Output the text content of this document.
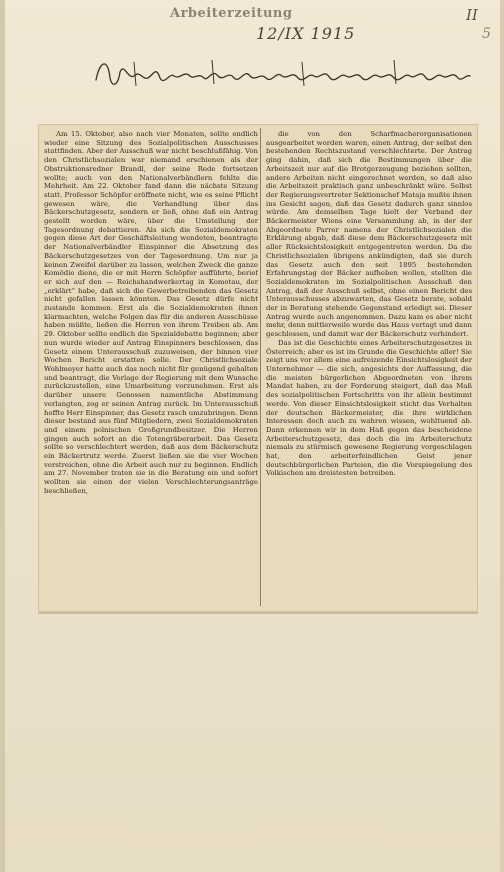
Arbeiterzeitung
12/IX 1915
II
5

Am 15. Oktober, also nach vier Monaten, sollte endlich wieder eine Sitzung des Sozialpolitischen Ausschusses stattfinden. Aber der Ausschuß war nicht beschlußfähig. Von den Christlichsozialen war niemand erschienen als der Obstruktionsredner Brandl, der seine Rede fortsetzen wollte; auch von den Nationalverbändlern fehlte die Mehrheit. Am 22. Oktober fand dann die nächste Sitzung statt. Professor Schöpfer eröffnete nicht, wie es seine Pflicht gewesen wäre, die Verhandlung über das Bäckerschutzgesetz, sondern er ließ, ohne daß ein Antrag gestellt worden wäre, über die Umstellung der Tagesordnung debattieren. Als sich die Sozialdemokraten gegen diese Art der Geschäftsleitung wendeten, beantragte der Nationalverbändler Einspinner die Absetzung des Bäckerschutzgesetzes von der Tagesordnung. Um nur ja keinen Zweifel darüber zu lassen, welchen Zweck die ganze Komödie diene, die er mit Herrn Schöpfer aufführte, berief er sich auf den — Reichshandwerkertag in Komotau, der „erklärt“ habe, daß sich die Gewerbetreibenden das Gesetz nicht gefallen lassen könnten. Das Gesetz dürfe nicht zustande kommen. Erst als die Sozialdemokraten ihnen klarmachten, welche Folgen das für die anderen Ausschüsse haben müßte, ließen die Herren von ihrem Treiben ab. Am 29. Oktober sollte endlich die Spezialdebatte beginnen; aber nun wurde wieder auf Antrag Einspinners beschlossen, das Gesetz einem Unterausschuß zuzuweisen, der binnen vier Wochen Bericht erstatten solle. Der Christlichsoziale Wohlmeyer hatte auch das noch nicht für genügend gehalten und beantragt, die Vorlage der Regierung mit dem Wunsche zurückzustellen, eine Umarbeitung vorzunehmen. Erst als darüber unsere Genossen namentliche Abstimmung verlangten, zog er seinen Antrag zurück. Im Unterausschuß hoffte Herr Einspinner, das Gesetz rasch umzubringen. Denn dieser bestand aus fünf Mitgliedern, zwei Sozialdemokraten und einem polnischen Großgrundbesitzer. Die Herren gingen auch sofort an die Totengräberarbeit. Das Gesetz sollte so verschlechtert werden, daß aus dem Bäckerschutz ein Bäckertrutz werde. Zuerst ließen sie die vier Wochen verstreichen, ohne die Arbeit auch nur zu beginnen. Endlich am 27. November traten sie in die Beratung ein und sofort wollten sie einen der vielen Verschlechterungsanträge beschließen,

die von den Scharfmacherorganisationen ausgearbeitet worden waren, einen Antrag, der selbst den bestehenden Rechtszustand verschlechterte. Der Antrag ging dahin, daß sich die Bestimmungen über die Arbeitszeit nur auf die Brotgerzeugung beziehen sollten, andere Arbeiten nicht eingerechnet werden, so daß also die Arbeitszeit praktisch ganz unbeschränkt wäre. Selbst der Regierungsvertreter Sektionschef Mataja mußte ihnen ins Gesicht sagen, daß das Gesetz dadurch ganz sinnlos würde. Am demselben Tage hielt der Verband der Bäckermeister Wiens eine Versammlung ab, in der der Abgeordnete Parrer namens der Christlichsozialen die Erklärung abgab, daß diese dem Bäckerschutzgesetz mit aller Rücksichtslosigkeit entgegentreten werden. Da die Christlichsozialen übrigens ankündigten, daß sie durch das Gesetz auch den seit 1895 bestehenden Erfahrungstag der Bäcker aufheben wollen, stellten die Sozialdemokraten im Sozialpolitischen Ausschuß den Antrag, daß der Ausschuß selbst, ohne einen Bericht des Unterausschusses abzuwarten, das Gesetz berate, sobald der in Beratung stehende Gegenstand erledigt sei. Dieser Antrag wurde auch angenommen. Dazu kam es aber nicht mehr, denn mittlerweile wurde das Haus vertagt und dann geschlossen, und damit war der Bäckerschutz verhindert.

Das ist die Geschichte eines Arbeiterschutzgesetzes in Österreich; aber es ist im Grunde die Geschichte aller! Sie zeigt uns vor allem eine aufreizende Einsichtslosigkeit der Unternehmer — die sich, angesichts der Auffassung, die die meisten bürgerlichen Abgeordneten von ihrem Mandat haben, zu der Forderung steigert, daß das Maß des sozialpolitischen Fortschritts von ihr allein bestimmt werde. Von dieser Einsichtslosigkeit sticht das Verhalten der deutschen Bäckermeister, die ihre wirklichen Interessen doch auch zu wahren wissen, wohltuend ab. Dann erkennen wir in dem Haß gegen das bescheidene Arbeiterschutzgesetz, das doch die im Arbeiterschutz niemals zu stürmisch gewesene Regierung vorgeschlagen hat, den arbeiterfeindlichen Geist jener deutschbürgerlichen Parteien, die die Vorspiegelung des Volkischen am dreistesten betreiben.
